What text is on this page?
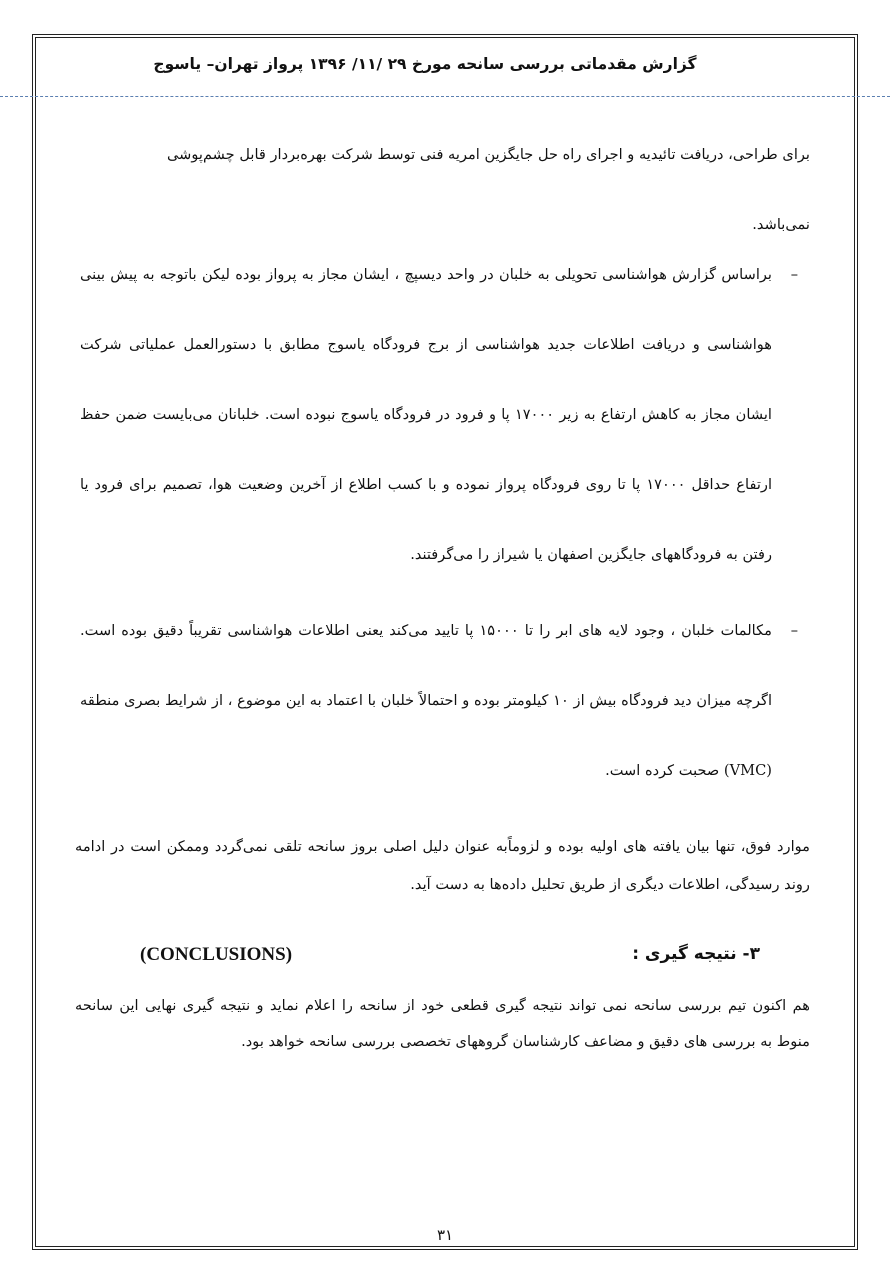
گزارش مقدماتی بررسی سانحه مورخ ۲۹ /۱۱/ ۱۳۹۶ پرواز تهران– یاسوج

برای طراحی، دریافت تائیدیه و اجرای راه حل جایگزین امریه فنی توسط شرکت بهره‌بردار قابل چشم‌پوشی

نمی‌باشد.

–
براساس گزارش هواشناسی تحویلی به خلبان در واحد دیسپچ ، ایشان مجاز به پرواز بوده لیکن باتوجه به پیش بینی هواشناسی و دریافت اطلاعات جدید هواشناسی از برج فرودگاه یاسوج مطابق با دستورالعمل عملیاتی شرکت ایشان مجاز به کاهش ارتفاع به زیر ۱۷۰۰۰ پا و فرود در فرودگاه یاسوج نبوده است. خلبانان می‌بایست ضمن حفظ ارتفاع حداقل ۱۷۰۰۰ پا تا روی فرودگاه پرواز نموده و با کسب اطلاع از آخرین وضعیت هوا، تصمیم برای فرود یا رفتن به فرودگاههای جایگزین اصفهان یا شیراز را می‌گرفتند.
–
مکالمات خلبان ، وجود لایه های ابر را تا ۱۵۰۰۰ پا تایید می‌کند یعنی اطلاعات هواشناسی تقریباً دقیق بوده است. اگرچه میزان دید فرودگاه بیش از ۱۰ کیلومتر بوده و احتمالاً خلبان با اعتماد به این موضوع ، از شرایط بصری منطقه (VMC) صحبت کرده است.
موارد فوق، تنها بیان یافته های اولیه بوده و لزوماًبه عنوان دلیل اصلی بروز سانحه تلقی نمی‌گردد وممکن است در ادامه روند رسیدگی، اطلاعات دیگری از طریق تحلیل داده‌ها به دست آید.
۳- نتیجه گیری :
(CONCLUSIONS)
هم اکنون تیم بررسی سانحه نمی تواند نتیجه گیری قطعی خود از سانحه را اعلام نماید و نتیجه گیری نهایی این سانحه منوط به بررسی های دقیق و مضاعف کارشناسان گروههای تخصصی بررسی سانحه خواهد بود.
۳۱
